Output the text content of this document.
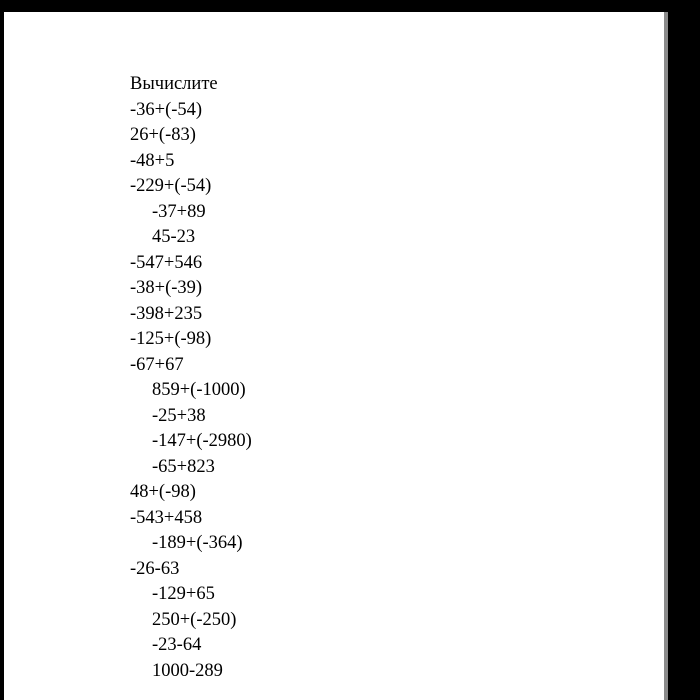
Вычислите
-36+(-54)
26+(-83)
-48+5
-229+(-54)
-37+89
45-23
-547+546
-38+(-39)
-398+235
-125+(-98)
-67+67
859+(-1000)
-25+38
-147+(-2980)
-65+823
48+(-98)
-543+458
-189+(-364)
-26-63
-129+65
250+(-250)
-23-64
1000-289
